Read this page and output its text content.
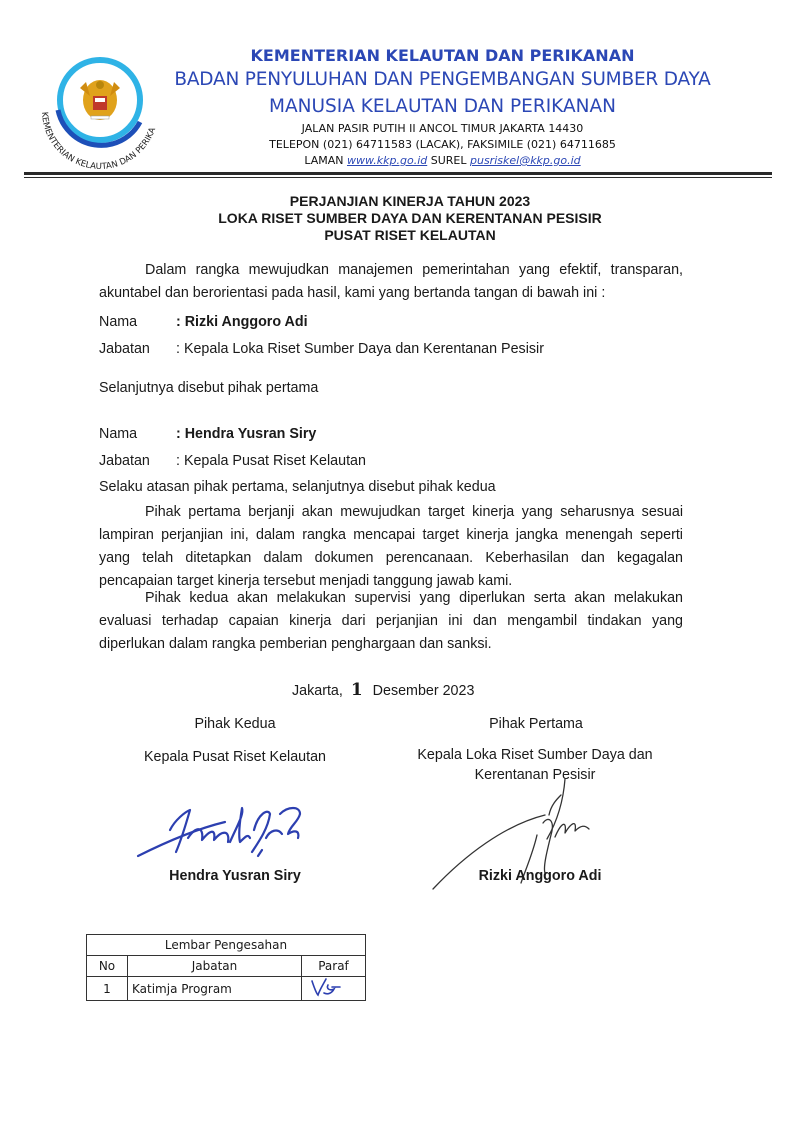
KEMENTERIAN KELAUTAN DAN PERIKA
KEMENTERIAN KELAUTAN DAN PERIKANAN
BADAN PENYULUHAN DAN PENGEMBANGAN SUMBER DAYA
MANUSIA KELAUTAN DAN PERIKANAN
JALAN PASIR PUTIH II ANCOL TIMUR JAKARTA 14430
TELEPON (021) 64711583 (LACAK), FAKSIMILE (021) 64711685
LAMAN www.kkp.go.id SUREL pusriskel@kkp.go.id
PERJANJIAN KINERJA TAHUN 2023
LOKA RISET SUMBER DAYA DAN KERENTANAN PESISIR
PUSAT RISET KELAUTAN
Dalam rangka mewujudkan manajemen pemerintahan yang efektif, transparan, akuntabel dan berorientasi pada hasil, kami yang bertanda tangan di bawah ini :
Nama	: Rizki Anggoro Adi
Jabatan : Kepala Loka Riset Sumber Daya dan Kerentanan Pesisir
Selanjutnya disebut pihak pertama
Nama	: Hendra Yusran Siry
Jabatan : Kepala Pusat Riset Kelautan
Selaku atasan pihak pertama, selanjutnya disebut pihak kedua
Pihak pertama berjanji akan mewujudkan target kinerja yang seharusnya sesuai lampiran perjanjian ini, dalam rangka mencapai target kinerja jangka menengah seperti yang telah ditetapkan dalam dokumen perencanaan. Keberhasilan dan kegagalan pencapaian target kinerja tersebut menjadi tanggung jawab kami.
Pihak kedua akan melakukan supervisi yang diperlukan serta akan melakukan evaluasi terhadap capaian kinerja dari perjanjian ini dan mengambil tindakan yang diperlukan dalam rangka pemberian penghargaan dan sanksi.
Jakarta, 1 Desember 2023
Pihak Kedua	Pihak Pertama
Kepala Pusat Riset Kelautan	Kepala Loka Riset Sumber Daya dan
Kerentanan Pesisir
Hendra Yusran Siry	Rizki Anggoro Adi
Lembar Pengesahan		
No	Jabatan	Paraf
1	Katimja Program	
